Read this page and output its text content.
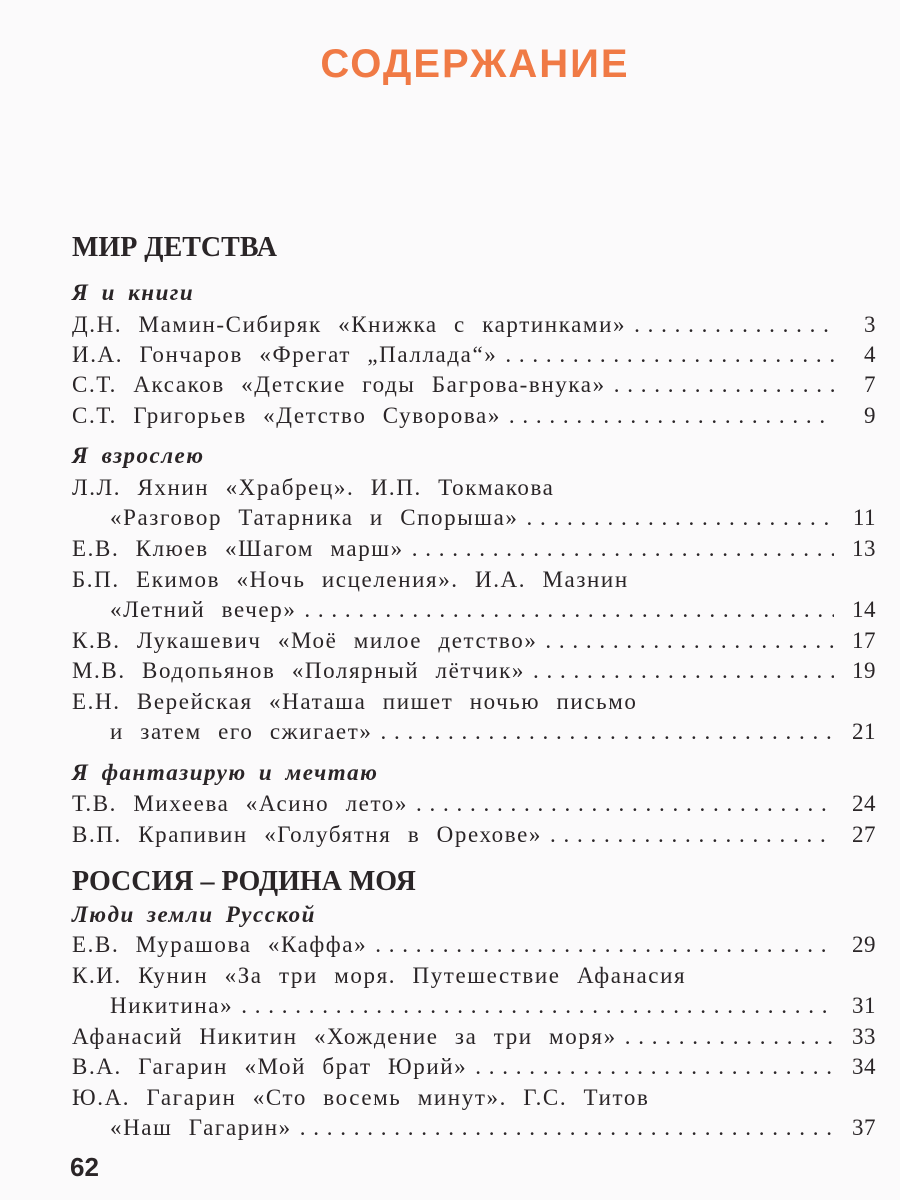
СОДЕРЖАНИЕ
МИР ДЕТСТВА
Я и книги
Д.Н. Мамин-Сибиряк «Книжка с картинками» . . .	3
И.А. Гончаров «Фрегат „Паллада“» . . .	4
С.Т. Аксаков «Детские годы Багрова-внука» . . .	7
С.Т. Григорьев «Детство Суворова» . . .	9
Я взрослею
Л.Л. Яхнин «Храбрец». И.П. Токмакова
«Разговор Татарника и Спорыша» . . .	11
Е.В. Клюев «Шагом марш» . . .	13
Б.П. Екимов «Ночь исцеления». И.А. Мазнин
«Летний вечер» . . .	14
К.В. Лукашевич «Моё милое детство» . . .	17
М.В. Водопьянов «Полярный лётчик» . . .	19
Е.Н. Верейская «Наташа пишет ночью письмо
и затем его сжигает» . . .	21
Я фантазирую и мечтаю
Т.В. Михеева «Асино лето» . . .	24
В.П. Крапивин «Голубятня в Орехове» . . .	27
РОССИЯ – РОДИНА МОЯ
Люди земли Русской
Е.В. Мурашова «Каффа» . . .	29
К.И. Кунин «За три моря. Путешествие Афанасия
Никитина» . . .	31
Афанасий Никитин «Хождение за три моря» . . .	33
В.А. Гагарин «Мой брат Юрий» . . .	34
Ю.А. Гагарин «Сто восемь минут». Г.С. Титов
«Наш Гагарин» . . .	37
62
